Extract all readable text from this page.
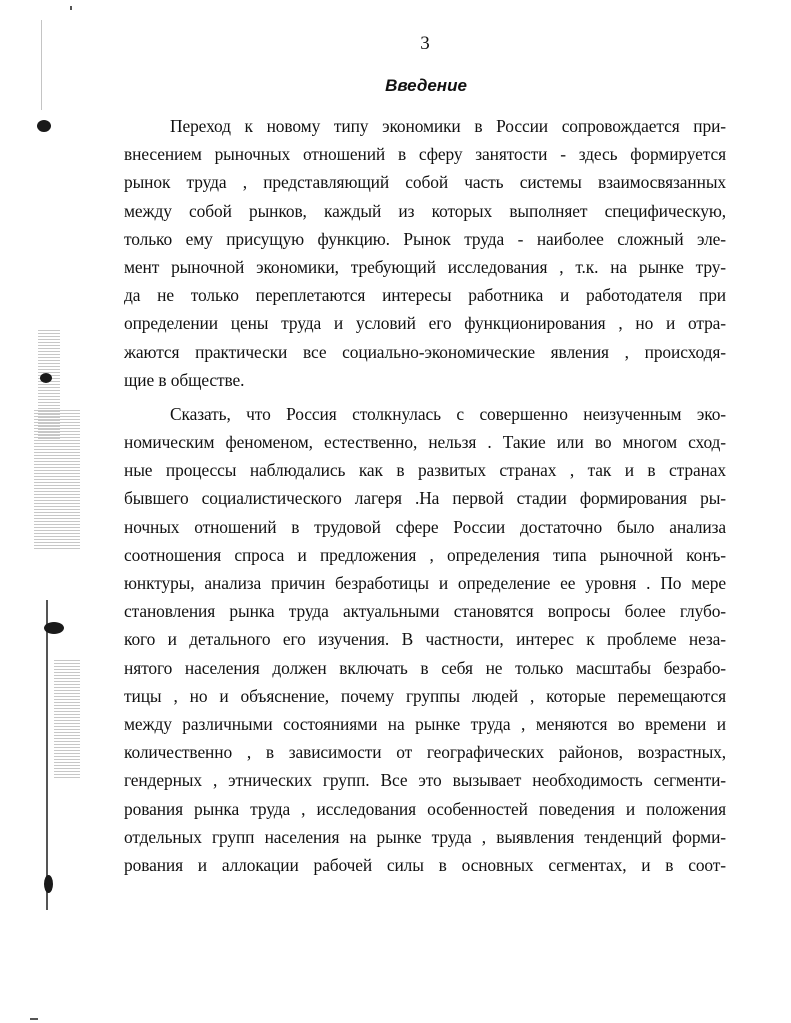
3
Введение
Переход к новому типу экономики в России сопровождается при-
внесением рыночных отношений в сферу занятости - здесь формируется
рынок труда , представляющий собой часть системы взаимосвязанных
между собой рынков, каждый из которых выполняет специфическую,
только ему присущую функцию. Рынок труда - наиболее сложный эле-
мент рыночной экономики, требующий исследования , т.к. на рынке тру-
да не только переплетаются интересы работника и работодателя при
определении цены труда и условий его функционирования , но и отра-
жаются практически все социально-экономические явления , происходя-
щие в обществе.
Сказать, что Россия столкнулась с совершенно неизученным эко-
номическим феноменом, естественно, нельзя . Такие или во многом сход-
ные процессы наблюдались как в развитых странах , так и в странах
бывшего социалистического лагеря .На первой стадии формирования ры-
ночных отношений в трудовой сфере России достаточно было анализа
соотношения спроса и предложения , определения типа рыночной конъ-
юнктуры, анализа причин безработицы и определение ее уровня . По мере
становления рынка труда актуальными становятся вопросы более глубо-
кого и детального его изучения. В частности, интерес к проблеме неза-
нятого населения должен включать в себя не только масштабы безрабо-
тицы , но и объяснение, почему группы людей , которые перемещаются
между различными состояниями на рынке труда , меняются во времени и
количественно , в зависимости от географических районов, возрастных,
гендерных , этнических групп. Все это вызывает необходимость сегменти-
рования рынка труда , исследования особенностей поведения и положения
отдельных групп населения на рынке труда , выявления тенденций форми-
рования и аллокации рабочей силы в основных сегментах, и в соот-
